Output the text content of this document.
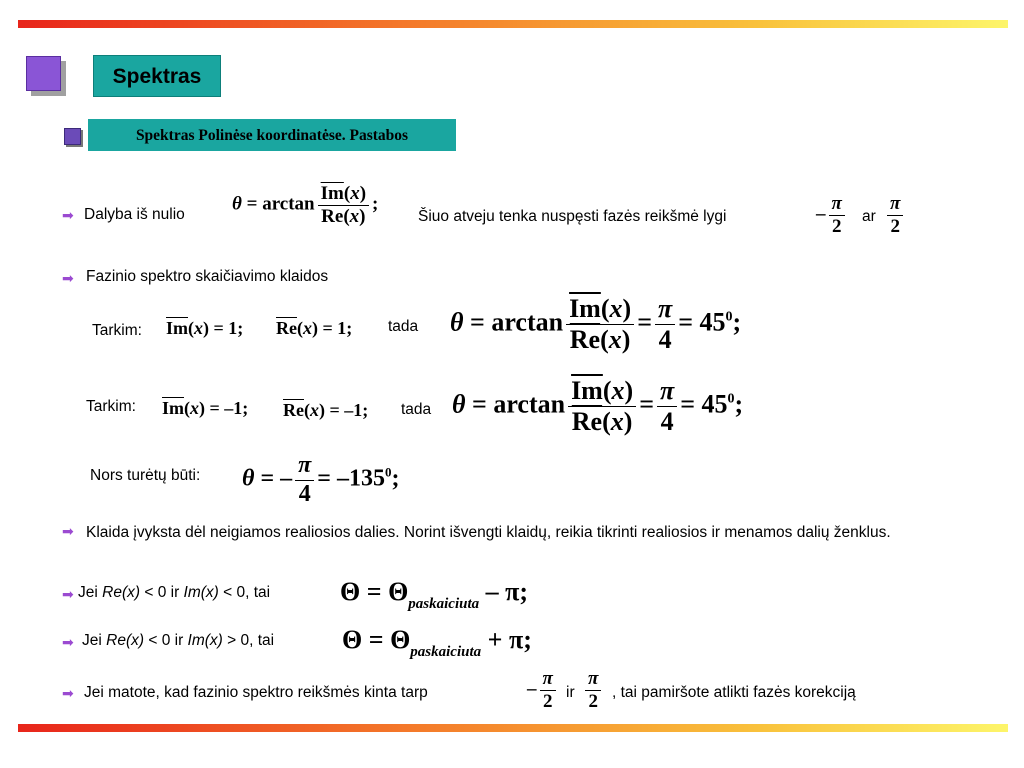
Spektras
Spektras Polinėse koordinatėse. Pastabos
➡ Dalyba iš nulio $\theta = \arctan \frac{\overline{Im}(x)}{\overline{Re}(x)}$ ;
Šiuo atveju tenka nuspęsti fazės reikšmė lygi	– $\frac{\pi}{2}$ ar $\frac{\pi}{2}$
➡ Fazinio spektro skaičiavimo klaidos
Tarkim: $\overline{Im}(x) = 1$; $\overline{Re}(x) = 1$; tada $\theta = \arctan \frac{\overline{Im}(x)}{\overline{Re}(x)} = \frac{\pi}{4} = 45^0$;
Tarkim: $\overline{Im}(x) = -1$; $\overline{Re}(x) = -1$; tada $\theta = \arctan \frac{\overline{Im}(x)}{\overline{Re}(x)} = \frac{\pi}{4} = 45^0$;
Nors turėtų būti: θ = – $\frac{\pi}{4} = -135^0$;
➡ Klaida įvyksta dėl neigiamos realiosios dalies. Norint išvengti klaidų, reikia tikrinti realiosios ir menamos dalių ženklus.
➡ Jei Re(x) < 0 ir Im(x) < 0, tai	$\Theta = \Theta_{paskaiciuta} - \pi$;
➡ Jei Re(x) < 0 ir Im(x) > 0, tai	$\Theta = \Theta_{paskaiciuta} + \pi$;
➡ Jei matote, kad fazinio spektro reikšmės kinta tarp	– $\frac{\pi}{2}$ ir $\frac{\pi}{2}$ , tai pamiršote atlikti fazės korekciją
